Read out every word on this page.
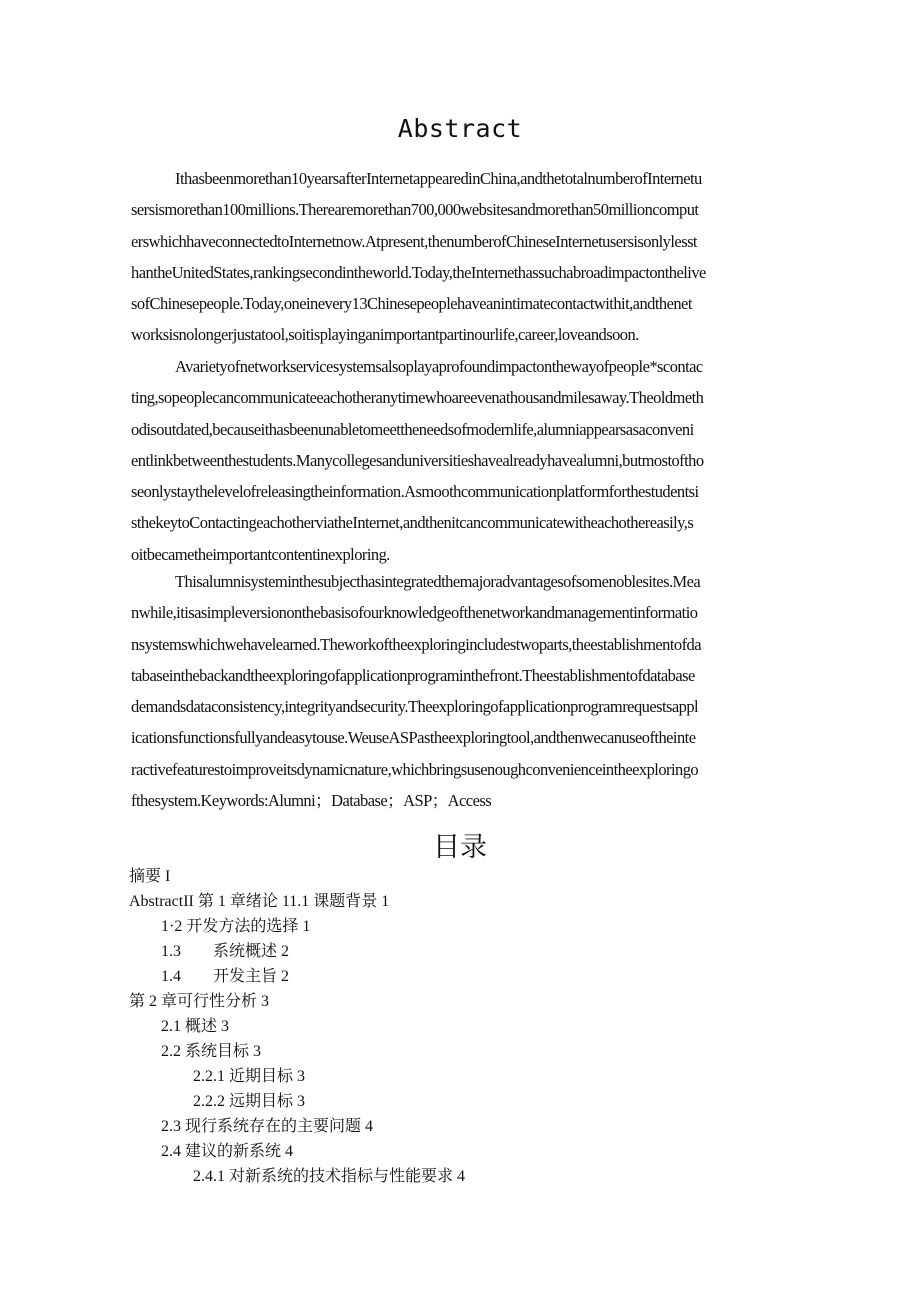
Abstract
Ithasbeenmorethan10yearsafterInternetappearedinChina,andthetotalnumberofInternetu
sersismorethan100millions.Therearemorethan700,000websitesandmorethan50millioncomput
erswhichhaveconnectedtoInternetnow.Atpresent,thenumberofChineseInternetusersisonlylesst
hantheUnitedStates,rankingsecondintheworld.Today,theInternethassuchabroadimpactonthelive
sofChinesepeople.Today,oneinevery13Chinesepeoplehaveanintimatecontactwithit,andthenet
worksisnolongerjustatool,soitisplayinganimportantpartinourlife,career,loveandsoon.
Avarietyofnetworkservicesystemsalsoplayaprofoundimpactonthewayofpeople*scontac
ting,sopeoplecancommunicateeachotheranytimewhoareevenathousandmilesaway.Theoldmeth
odisoutdated,becauseithasbeenunabletomeettheneedsofmodernlife,alumniappearsasaconveni
entlinkbetweenthestudents.Manycollegesanduniversitieshavealreadyhavealumni,butmostoftho
seonlystaythelevelofreleasingtheinformation.Asmoothcommunicationplatformforthestudentsi
sthekeytoContactingeachotherviatheInternet,andthenitcancommunicatewitheachothereasily,s
oitbecametheimportantcontentinexploring.
Thisalumnisysteminthesubjecthasintegratedthemajoradvantagesofsomenoblesites.Mea
nwhile,itisasimpleversiononthebasisofourknowledgeofthenetworkandmanagementinformatio
nsystemswhichwehavelearned.Theworkoftheexploringincludestwoparts,theestablishmentofda
tabaseinthebackandtheexploringofapplicationprograminthefront.Theestablishmentofdatabase
demandsdataconsistency,integrityandsecurity.Theexploringofapplicationprogramrequestsappl
icationsfunctionsfullyandeasytouse.WeuseASPastheexploringtool,andthenwecanuseoftheinte
ractivefeaturestoimproveitsdynamicnature,whichbringsusenoughconvenienceintheexploringo
fthesystem.Keywords:Alumni；Database；ASP；Access
目录
摘要 I
AbstractII 第 1 章绪论 11.1 课题背景 1
1·2 开发方法的选择 1
1.3　　系统概述 2
1.4　　开发主旨 2
第 2 章可行性分析 3
2.1 概述 3
2.2 系统目标 3
2.2.1 近期目标 3
2.2.2 远期目标 3
2.3 现行系统存在的主要问题 4
2.4 建议的新系统 4
2.4.1 对新系统的技术指标与性能要求 4
